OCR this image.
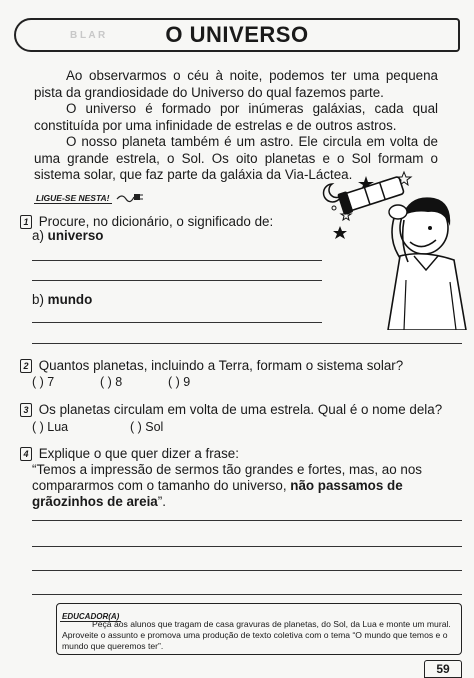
B L A R	O UNIVERSO

Ao observarmos o céu à noite, podemos ter uma pequena pista da grandiosidade do Universo do qual fazemos parte.

O universo é formado por inúmeras galáxias, cada qual constituída por uma infinidade de estrelas e de outros astros.

O nosso planeta também é um astro. Ele circula em volta de uma grande estrela, o Sol. Os oito planetas e o Sol formam o sistema solar, que faz parte da galáxia da Via-Láctea.

LIGUE-SE NESTA!
1 Procure, no dicionário, o significado de:
a) universo
b) mundo
2 Quantos planetas, incluindo a Terra, formam o sistema solar?
( ) 7	( ) 8	( ) 9
3 Os planetas circulam em volta de uma estrela. Qual é o nome dela?
( ) Lua	( ) Sol
4 Explique o que quer dizer a frase:
“Temos a impressão de sermos tão grandes e fortes, mas, ao nos compararmos com o tamanho do universo, não passamos de grãozinhos de areia”.
EDUCADOR(A)
Peça aos alunos que tragam de casa gravuras de planetas, do Sol, da Lua e monte um mural. Aproveite o assunto e promova uma produção de texto coletiva com o tema “O mundo que temos e o mundo que queremos ter”.
59
